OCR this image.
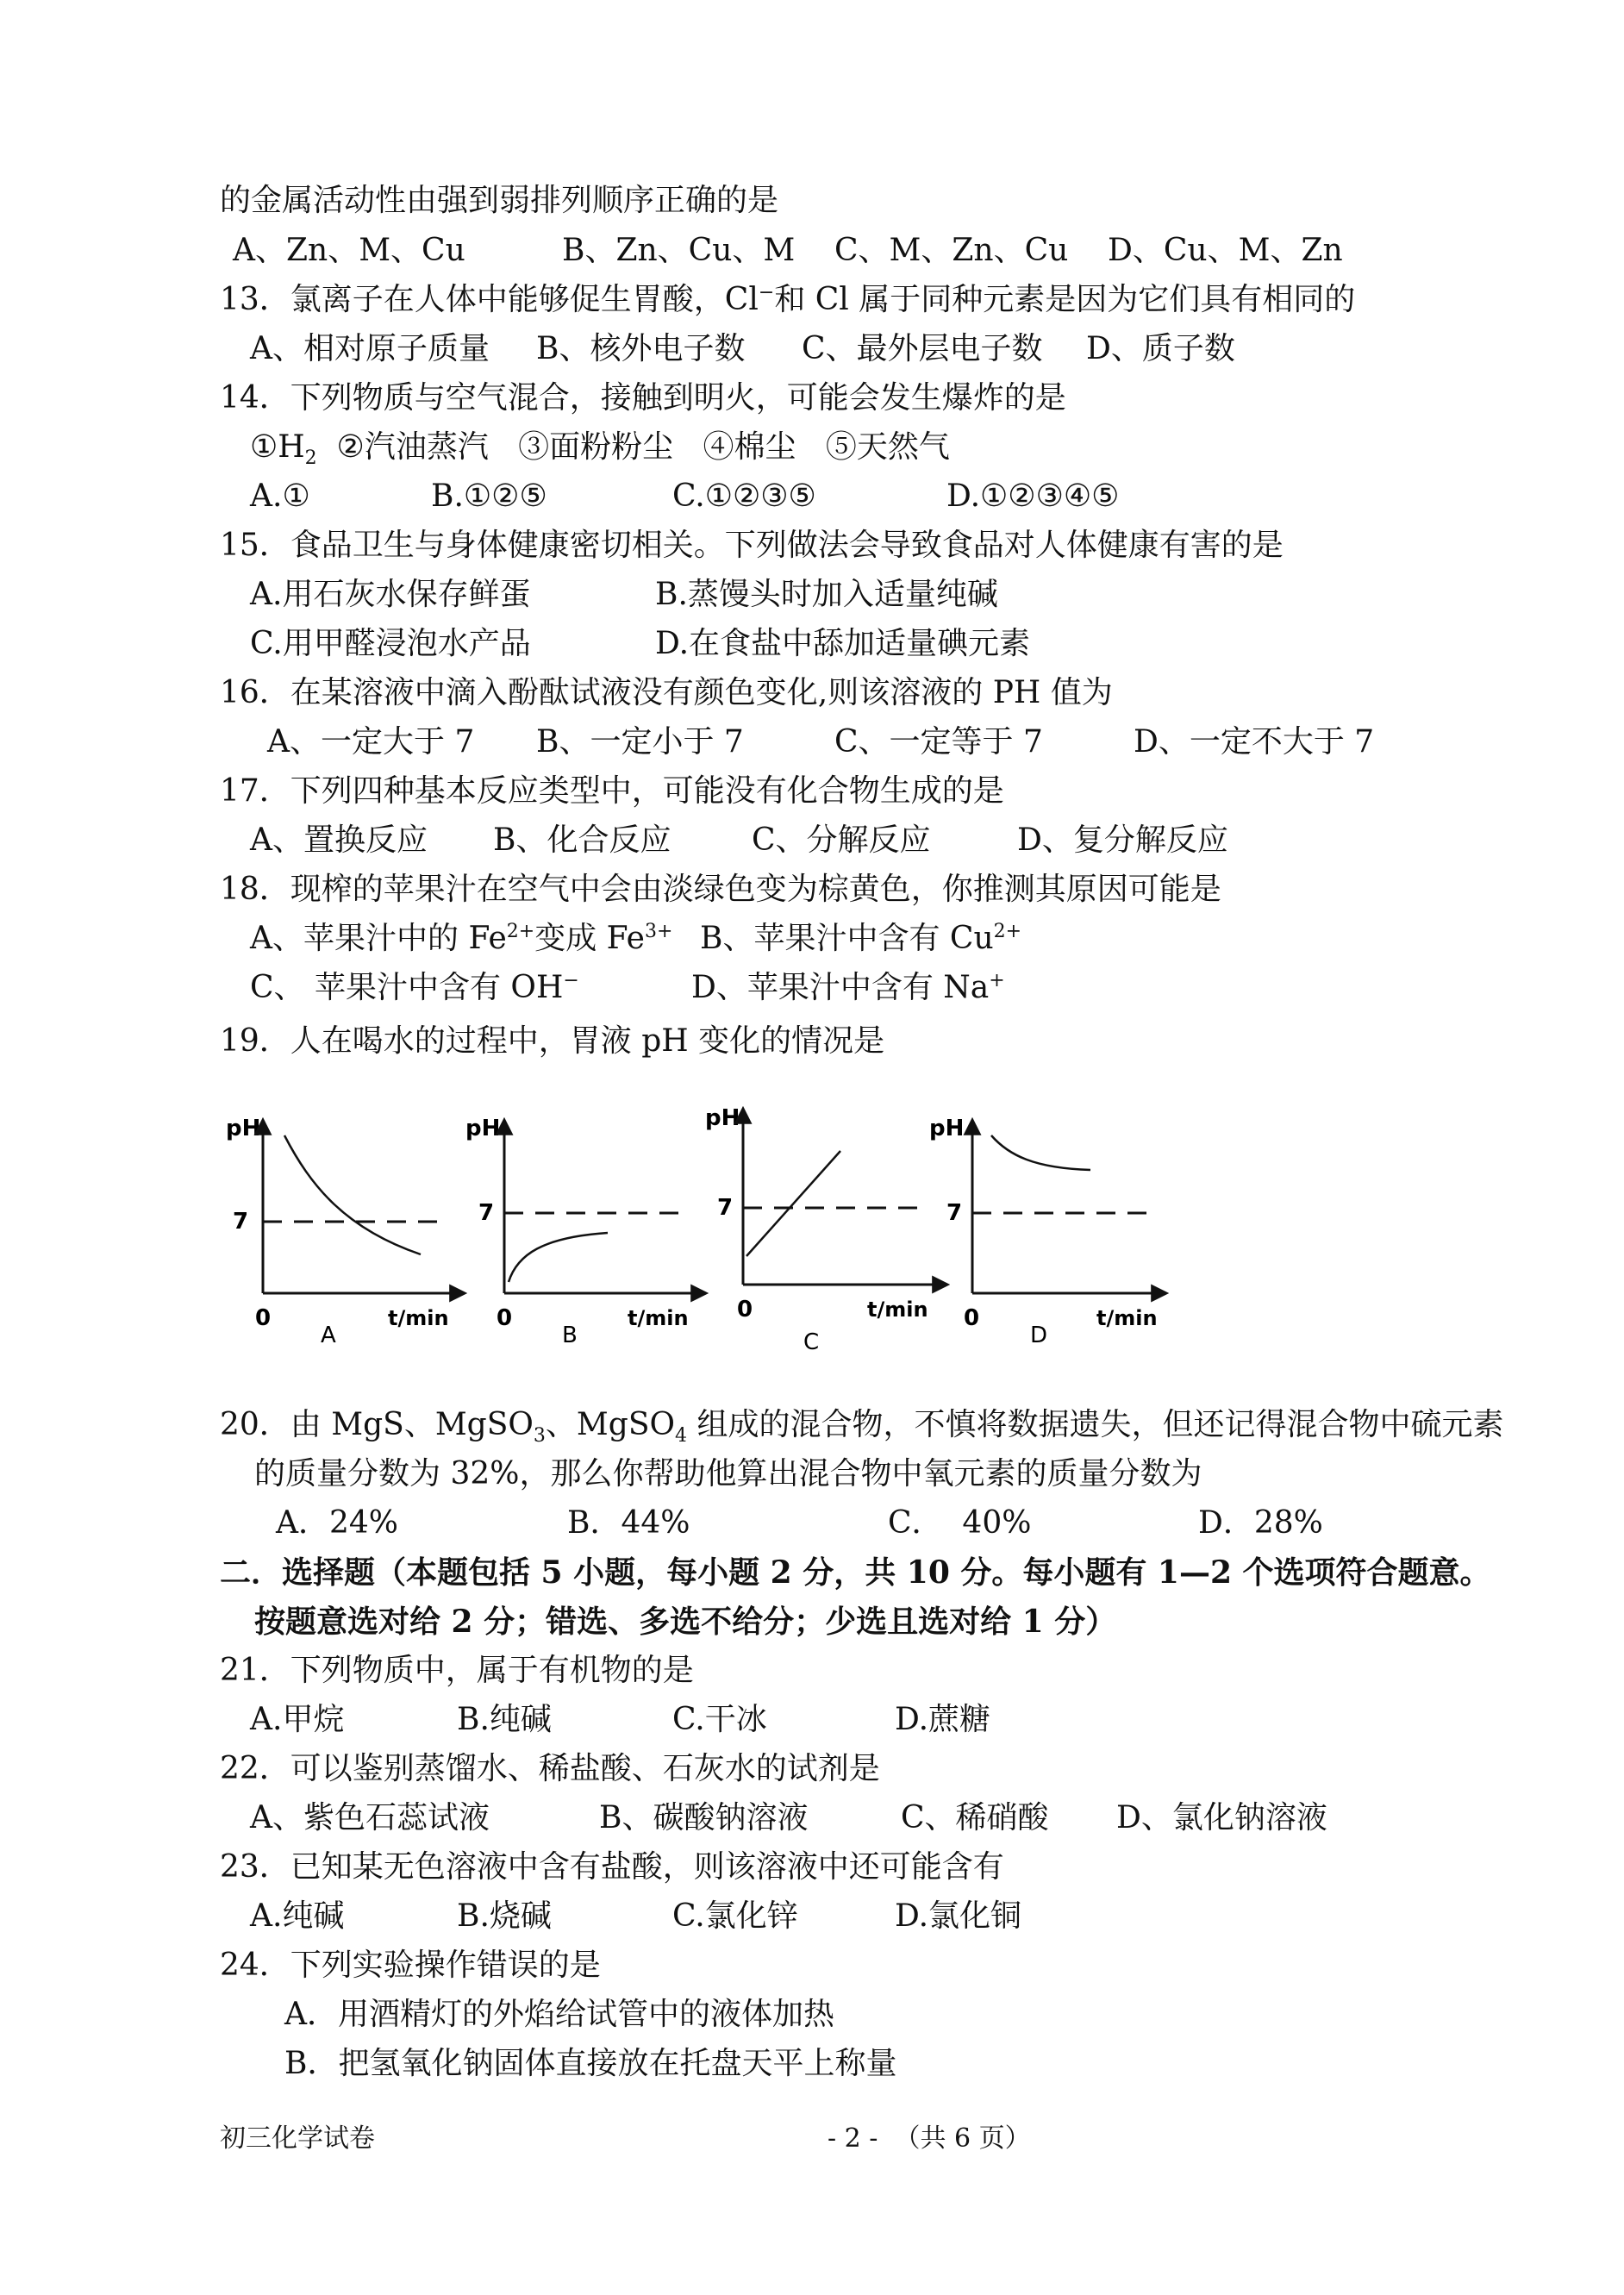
的金属活动性由强到弱排列顺序正确的是
A、Zn、M、Cu	B、Zn、Cu、M C、M、Zn、Cu D、Cu、M、Zn
13．氯离子在人体中能够促生胃酸，Cl−和 Cl 属于同种元素是因为它们具有相同的
A、相对原子质量 B、核外电子数 C、最外层电子数 D、质子数
14．下列物质与空气混合，接触到明火，可能会发生爆炸的是
$①H_2$  ②汽油蒸汽   ③面粉粉尘   ④棉尘   ⑤天然气
A.①	B.①②⑤	C.①②③⑤	D.①②③④⑤
15．食品卫生与身体健康密切相关。下列做法会导致食品对人体健康有害的是
A.用石灰水保存鲜蛋	B.蒸馒头时加入适量纯碱
C.用甲醛浸泡水产品	D.在食盐中舔加适量碘元素
16．在某溶液中滴入酚酞试液没有颜色变化,则该溶液的 PH 值为
A、一定大于 7 B、一定小于 7	C、一定等于 7	D、一定不大于 7
17．下列四种基本反应类型中，可能没有化合物生成的是
A、置换反应 B、化合反应	C、分解反应	D、复分解反应
18．现榨的苹果汁在空气中会由淡绿色变为棕黄色，你推测其原因可能是
A、苹果汁中的 $Fe^{2+}$变成 $Fe^{3+}$ B、苹果汁中含有 $Cu^{2+}$
C、 苹果汁中含有 OH−	D、苹果汁中含有 Na+
19．人在喝水的过程中，胃液 pH 变化的情况是
pH
7
0	t/min
A
pH
7
0	t/min
B
pH
7
0	t/min
C
pH
7
0	t/min
D
20．由 MgS、MgSO$_3$、MgSO$_4$ 组成的混合物，不慎将数据遗失，但还记得混合物中硫元素
的质量分数为 32%，那么你帮助他算出混合物中氧元素的质量分数为
A．24%	B．44%	C．  40%	D．28%
二．选择题（本题包括 5 小题，每小题 2 分，共 10 分。每小题有 1—2 个选项符合题意。
按题意选对给 2 分；错选、多选不给分；少选且选对给 1 分）
21．下列物质中，属于有机物的是
A.甲烷	B.纯碱	C.干冰	D.蔗糖
22．可以鉴别蒸馏水、稀盐酸、石灰水的试剂是
A、紫色石蕊试液	B、碳酸钠溶液	C、稀硝酸 D、氯化钠溶液
23．已知某无色溶液中含有盐酸，则该溶液中还可能含有
A.纯碱	B.烧碱	C.氯化锌	D.氯化铜
24．下列实验操作错误的是
A．用酒精灯的外焰给试管中的液体加热
B．把氢氧化钠固体直接放在托盘天平上称量
初三化学试卷	- 2 -  （共 6 页）
